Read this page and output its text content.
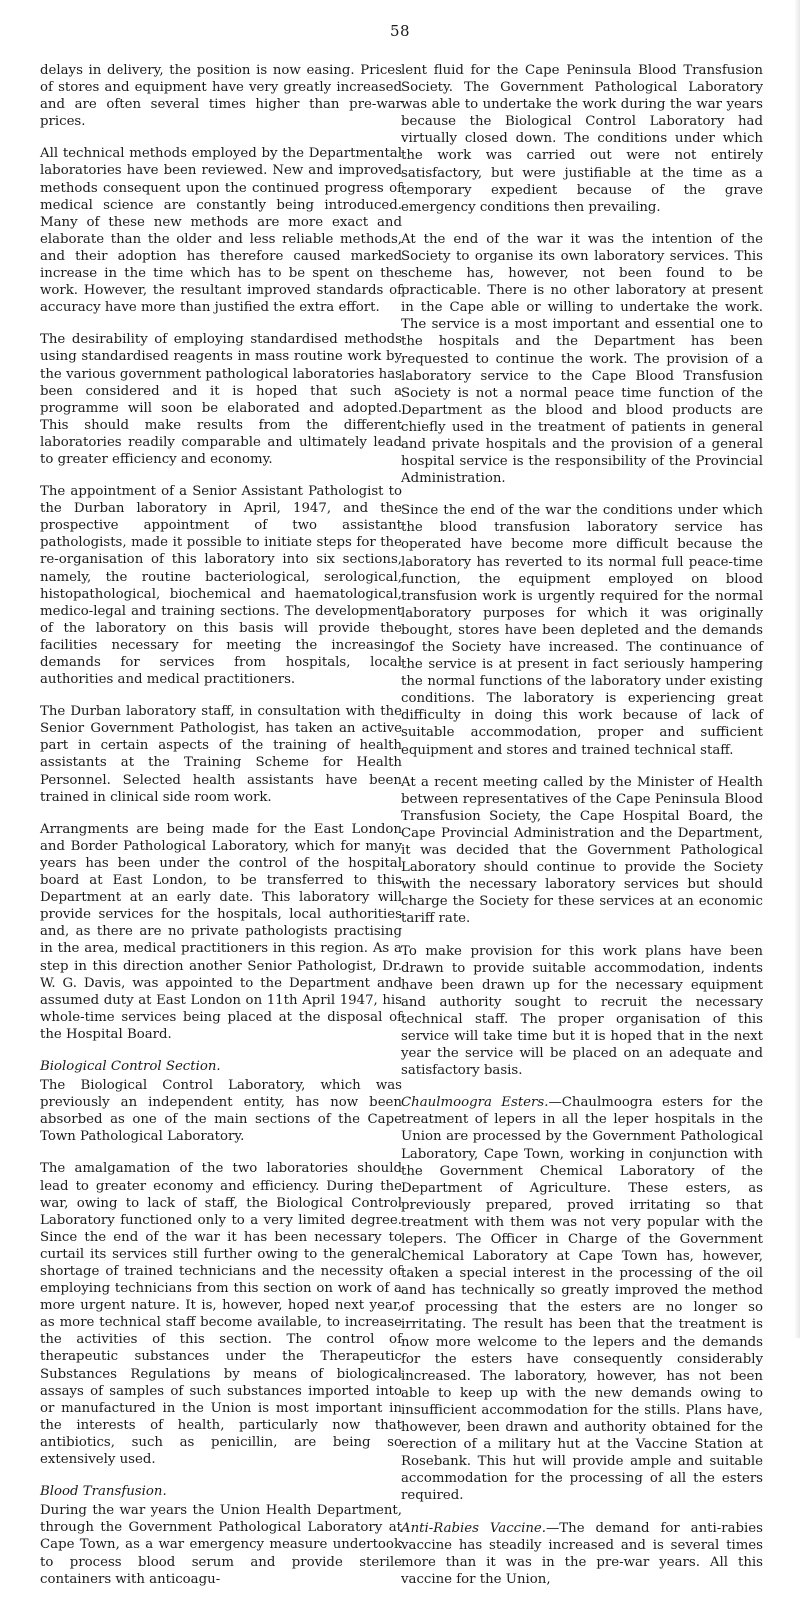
58

delays in delivery, the position is now easing. Prices of stores and equipment have very greatly increased and are often several times higher than pre-war prices.

All technical methods employed by the Departmental laboratories have been reviewed. New and improved methods consequent upon the continued progress of medical science are constantly being introduced. Many of these new methods are more exact and elaborate than the older and less reliable methods, and their adoption has therefore caused marked increase in the time which has to be spent on the work. However, the resultant improved standards of accuracy have more than justified the extra effort.

The desirability of employing standardised methods using standardised reagents in mass routine work by the various government pathological laboratories has been considered and it is hoped that such a programme will soon be elaborated and adopted. This should make results from the different laboratories readily comparable and ultimately lead to greater efficiency and economy.

The appointment of a Senior Assistant Pathologist to the Durban laboratory in April, 1947, and the prospective appointment of two assistant pathologists, made it possible to initiate steps for the re-organisation of this laboratory into six sections, namely, the routine bacteriological, serological, histopathological, biochemical and haematological, medico-legal and training sections. The development of the laboratory on this basis will provide the facilities necessary for meeting the increasing demands for services from hospitals, local authorities and medical practitioners.

The Durban laboratory staff, in consultation with the Senior Government Pathologist, has taken an active part in certain aspects of the training of health assistants at the Training Scheme for Health Personnel. Selected health assistants have been trained in clinical side room work.

Arrangments are being made for the East London and Border Pathological Laboratory, which for many years has been under the control of the hospital board at East London, to be transferred to this Department at an early date. This laboratory will provide services for the hospitals, local authorities and, as there are no private pathologists practising in the area, medical practitioners in this region. As a step in this direction another Senior Pathologist, Dr. W. G. Davis, was appointed to the Department and assumed duty at East London on 11th April 1947, his whole-time services being placed at the disposal of the Hospital Board.

Biological Control Section.

The Biological Control Laboratory, which was previously an independent entity, has now been absorbed as one of the main sections of the Cape Town Pathological Laboratory.

The amalgamation of the two laboratories should lead to greater economy and efficiency. During the war, owing to lack of staff, the Biological Control Laboratory functioned only to a very limited degree. Since the end of the war it has been necessary to curtail its services still further owing to the general shortage of trained technicians and the necessity of employing technicians from this section on work of a more urgent nature. It is, however, hoped next year, as more technical staff become available, to increase the activities of this section. The control of therapeutic substances under the Therapeutic Substances Regulations by means of biological assays of samples of such substances imported into or manufactured in the Union is most important in the interests of health, particularly now that antibiotics, such as penicillin, are being so extensively used.

Blood Transfusion.

During the war years the Union Health Department, through the Government Pathological Laboratory at Cape Town, as a war emergency measure undertook to process blood serum and provide sterile containers with anticoagu-

lent fluid for the Cape Peninsula Blood Transfusion Society. The Government Pathological Laboratory was able to undertake the work during the war years because the Biological Control Laboratory had virtually closed down. The conditions under which the work was carried out were not entirely satisfactory, but were justifiable at the time as a temporary expedient because of the grave emergency conditions then prevailing.

At the end of the war it was the intention of the Society to organise its own laboratory services. This scheme has, however, not been found to be practicable. There is no other laboratory at present in the Cape able or willing to undertake the work. The service is a most important and essential one to the hospitals and the Department has been requested to continue the work. The provision of a laboratory service to the Cape Blood Transfusion Society is not a normal peace time function of the Department as the blood and blood products are chiefly used in the treatment of patients in general and private hospitals and the provision of a general hospital service is the responsibility of the Provincial Administration.

Since the end of the war the conditions under which the blood transfusion laboratory service has operated have become more difficult because the laboratory has reverted to its normal full peace-time function, the equipment employed on blood transfusion work is urgently required for the normal laboratory purposes for which it was originally bought, stores have been depleted and the demands of the Society have increased. The continuance of the service is at present in fact seriously hampering the normal functions of the laboratory under existing conditions. The laboratory is experiencing great difficulty in doing this work because of lack of suitable accommodation, proper and sufficient equipment and stores and trained technical staff.

At a recent meeting called by the Minister of Health between representatives of the Cape Peninsula Blood Transfusion Society, the Cape Hospital Board, the Cape Provincial Administration and the Department, it was decided that the Government Pathological Laboratory should continue to provide the Society with the necessary laboratory services but should charge the Society for these services at an economic tariff rate.

To make provision for this work plans have been drawn to provide suitable accommodation, indents have been drawn up for the necessary equipment and authority sought to recruit the necessary technical staff. The proper organisation of this service will take time but it is hoped that in the next year the service will be placed on an adequate and satisfactory basis.

Chaulmoogra Esters.—Chaulmoogra esters for the treatment of lepers in all the leper hospitals in the Union are processed by the Government Pathological Laboratory, Cape Town, working in conjunction with the Government Chemical Laboratory of the Department of Agriculture. These esters, as previously prepared, proved irritating so that treatment with them was not very popular with the lepers. The Officer in Charge of the Government Chemical Laboratory at Cape Town has, however, taken a special interest in the processing of the oil and has technically so greatly improved the method of processing that the esters are no longer so irritating. The result has been that the treatment is now more welcome to the lepers and the demands for the esters have consequently considerably increased. The laboratory, however, has not been able to keep up with the new demands owing to insufficient accommodation for the stills. Plans have, however, been drawn and authority obtained for the erection of a military hut at the Vaccine Station at Rosebank. This hut will provide ample and suitable accommodation for the processing of all the esters required.

Anti-Rabies Vaccine.—The demand for anti-rabies vaccine has steadily increased and is several times more than it was in the pre-war years. All this vaccine for the Union,
